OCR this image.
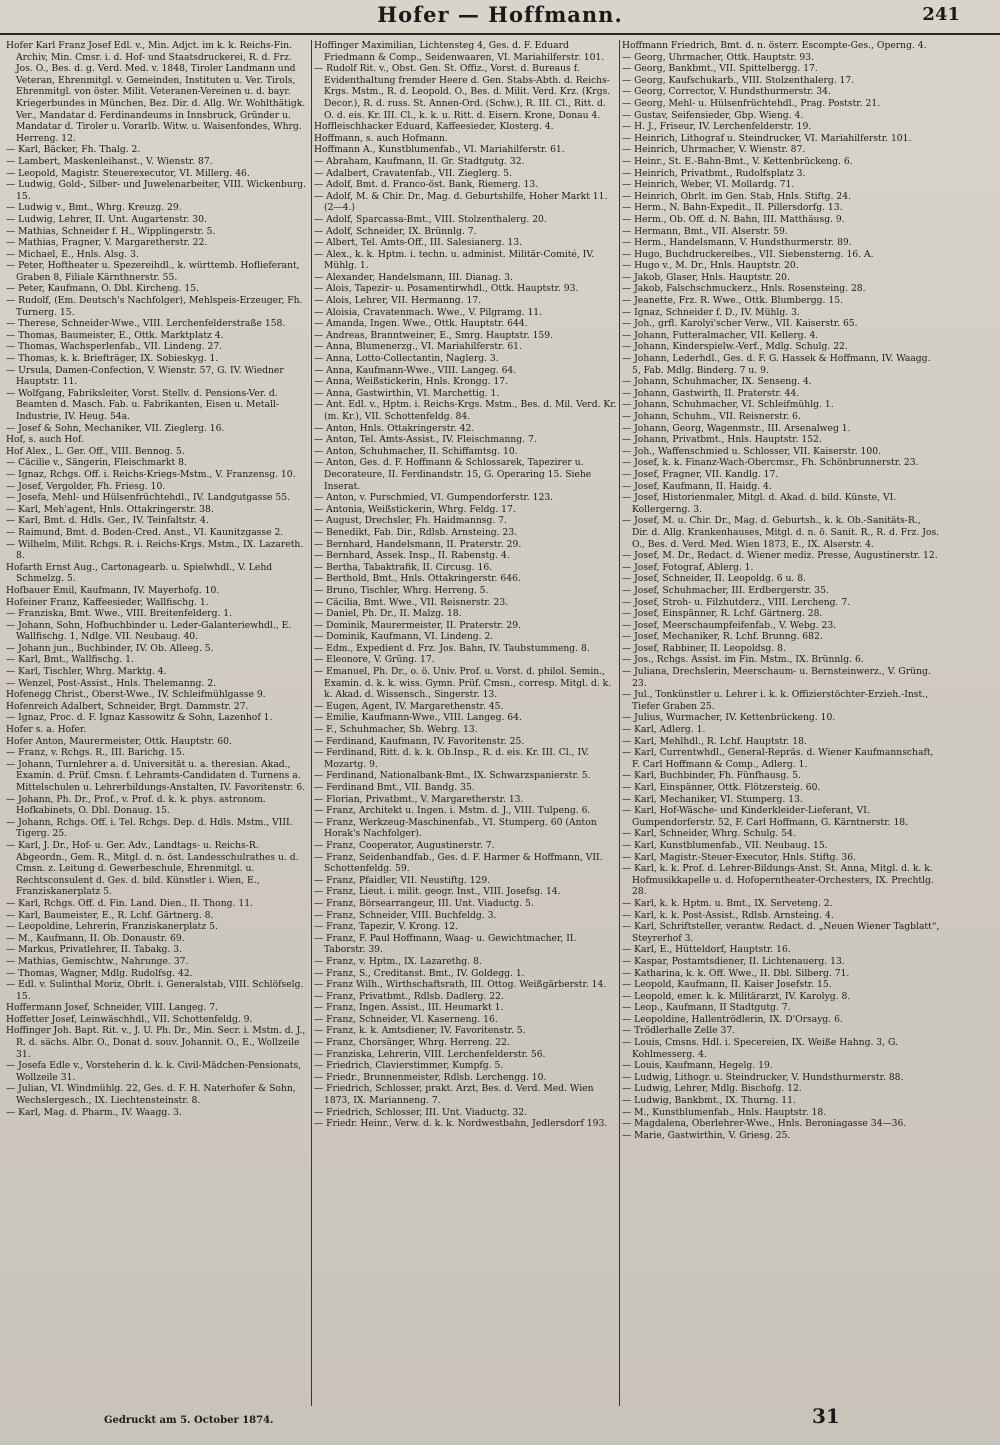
Hofer — Hoffmann.	241
Hofer Karl Franz Josef Edl. v., Min. Adjct. im k. k. Reichs-Fin. Archiv, Min. Cmsr. i. d. Hof- und Staatsdruckerei, R. d. Frz. Jos. O., Bes. d. g. Verd. Med. v. 1848, Tiroler Landmann und Veteran, Ehrenmitgl. v. Gemeinden, Instituten u. Ver. Tirols, Ehrenmitgl. von öster. Milit. Veteranen-Vereinen u. d. bayr. Kriegerbundes in München, Bez. Dir. d. Allg. Wr. Wohlthätigk. Ver., Mandatar d. Ferdinandeums in Innsbruck, Gründer u. Mandatar d. Tiroler u. Vorarlb. Witw. u. Waisenfondes, Whrg. Herreng. 12.
— Karl, Bäcker, Fh. Thalg. 2.
— Lambert, Maskenleihanst., V. Wienstr. 87.
— Leopold, Magistr. Steuerexecutor, VI. Millerg. 46.
— Ludwig, Gold-, Silber- und Juwelenarbeiter, VIII. Wickenburg. 15.
— Ludwig v., Bmt., Whrg. Kreuzg. 29.
— Ludwig, Lehrer, II. Unt. Augartenstr. 30.
— Mathias, Schneider f. H., Wipplingerstr. 5.
— Mathias, Fragner, V. Margaretherstr. 22.
— Michael, E., Hnls. Alsg. 3.
— Peter, Hoftheater u. Spezereihdl., k. württemb. Hoflieferant, Graben 8, Filiale Kärnthnerstr. 55.
— Peter, Kaufmann, O. Dbl. Kircheng. 15.
— Rudolf, (Em. Deutsch's Nachfolger), Mehlspeis-Erzeuger, Fh. Turnerg. 15.
— Therese, Schneider-Wwe., VIII. Lerchenfelderstraße 158.
— Thomas, Baumeister, E., Ottk. Marktplatz 4.
— Thomas, Wachsperlenfab., VII. Lindeng. 27.
— Thomas, k. k. Briefträger, IX. Sobieskyg. 1.
— Ursula, Damen-Confection, V. Wienstr. 57, G. IV. Wiedner Hauptstr. 11.
— Wolfgang, Fabriksleiter, Vorst. Stellv. d. Pensions-Ver. d. Beamten d. Masch. Fab. u. Fabrikanten, Eisen u. Metall-Industrie, IV. Heug. 54a.
— Josef & Sohn, Mechaniker, VII. Zieglerg. 16.
Hof, s. auch Hof.
Hof Alex., L. Ger. Off., VIII. Bennog. 5.
— Cäcilie v., Sängerin, Fleischmarkt 8.
— Ignaz, Rchgs. Off. i. Reichs-Kriegs-Mstm., V. Franzensg. 10.
— Josef, Vergolder, Fh. Friesg. 10.
— Josefa, Mehl- und Hülsenfrüchtehdl., IV. Landgutgasse 55.
— Karl, Meh'agent, Hnls. Ottakringerstr. 38.
— Karl, Bmt. d. Hdls. Ger., IV. Teinfaltstr. 4.
— Raimund, Bmt. d. Boden-Cred. Anst., VI. Kaunitzgasse 2.
— Wilhelm, Milit. Rchgs. R. i. Reichs-Krgs. Mstm., IX. Lazareth. 8.
Hofarth Ernst Aug., Cartonagearb. u. Spielwhdl., V. Lehd Schmelzg. 5.
Hofbauer Emil, Kaufmann, IV. Mayerhofg. 10.
Hofeiner Franz, Kaffeesieder, Wallfischg. 1.
— Franziska, Bmt. Wwe., VIII. Breitenfelderg. 1.
— Johann, Sohn, Hofbuchbinder u. Leder-Galanteriewhdl., E. Wallfischg. 1, Ndlge. VII. Neubaug. 40.
— Johann jun., Buchbinder, IV. Ob. Alleeg. 5.
— Karl, Bmt., Wallfischg. 1.
— Karl, Tischler, Whrg. Marktg. 4.
— Wenzel, Post-Assist., Hnls. Thelemanng. 2.
Hofenegg Christ., Oberst-Wwe., IV. Schleifmühlgasse 9.
Hofenreich Adalbert, Schneider, Brgt. Dammstr. 27.
— Ignaz, Proc. d. F. Ignaz Kassowitz & Sohn, Lazenhof 1.
Hofer s. a. Hofer.
Hofer Anton, Maurermeister, Ottk. Hauptstr. 60.
— Franz, v. Rchgs. R., III. Barichg. 15.
— Johann, Turnlehrer a. d. Universität u. a. theresian. Akad., Examin. d. Prüf. Cmsn. f. Lehramts-Candidaten d. Turnens a. Mittelschulen u. Lehrerbildungs-Anstalten, IV. Favoritenstr. 6.
— Johann, Ph. Dr., Prof., v. Prof. d. k. k. phys. astronom. Hofkabinets, O. Dbl. Donaug. 15.
— Johann, Rchgs. Off. i. Tel. Rchgs. Dep. d. Hdls. Mstm., VIII. Tigerg. 25.
— Karl, J. Dr., Hof- u. Ger. Adv., Landtags- u. Reichs-R. Abgeordn., Gem. R., Mitgl. d. n. öst. Landesschulrathes u. d. Cmsn. z. Leitung d. Gewerbeschule, Ehrenmitgl. u. Rechtsconsulent d. Ges. d. bild. Künstler i. Wien, E., Franziskanerplatz 5.
— Karl, Rchgs. Off. d. Fin. Land. Dien., II. Thong. 11.
— Karl, Baumeister, E., R. Lchf. Gärtnerg. 8.
— Leopoldine, Lehrerin, Franziskanerplatz 5.
— M., Kaufmann, II. Ob. Donaustr. 69.
— Markus, Privatlehrer, II. Tabakg. 3.
— Mathias, Gemischtw., Nahrunge. 37.
— Thomas, Wagner, Mdlg. Rudolfsg. 42.
— Edl. v. Sulinthal Moriz, Obrlt. i. Generalstab, VIII. Schlöfselg. 15.
Hoffermann Josef, Schneider, VIII. Langeg. 7.
Hoffetter Josef, Leinwäschhdl., VII. Schottenfeldg. 9.
Hoffinger Joh. Bapt. Rit. v., J. U. Ph. Dr., Min. Secr. i. Mstm. d. J., R. d. sächs. Albr. O., Donat d. souv. Johannit. O., E., Wollzeile 31.
— Josefa Edle v., Vorsteherin d. k. k. Civil-Mädchen-Pensionats, Wollzeile 31.
— Julian, VI. Windmühlg. 22, Ges. d. F. H. Naterhofer & Sohn, Wechslergesch., IX. Liechtensteinstr. 8.
— Karl, Mag. d. Pharm., IV. Waagg. 3.
Hoffinger Maximilian, Lichtensteg 4, Ges. d. F. Eduard Friedmann & Comp., Seidenwaaren, VI. Mariahilferstr. 101.
— Rudolf Rit. v., Obst. Gen. St. Offiz., Vorst. d. Bureaus f. Evidenthaltung fremder Heere d. Gen. Stabs-Abth. d. Reichs-Krgs. Mstm., R. d. Leopold. O., Bes. d. Milit. Verd. Krz. (Krgs. Decor.), R. d. russ. St. Annen-Ord. (Schw.), R. III. Cl., Ritt. d. O. d. eis. Kr. III. Cl., k. k. u. Ritt. d. Eisern. Krone, Donau 4.
Hoffleischhacker Eduard, Kaffeesieder, Klosterg. 4.
Hoffmann, s. auch Hofmann.
Hoffmann A., Kunstblumenfab., VI. Mariahilferstr. 61.
— Abraham, Kaufmann, II. Gr. Stadtgutg. 32.
— Adalbert, Cravatenfab., VII. Zieglerg. 5.
— Adolf, Bmt. d. Franco-öst. Bank, Riemerg. 13.
— Adolf, M. & Chir. Dr., Mag. d. Geburtshilfe, Hoher Markt 11. (2—4.)
— Adolf, Sparcassa-Bmt., VIII. Stolzenthalerg. 20.
— Adolf, Schneider, IX. Brünnlg. 7.
— Albert, Tel. Amts-Off., III. Salesianerg. 13.
— Alex., k. k. Hptm. i. techn. u. administ. Militär-Comité, IV. Mühlg. 1.
— Alexander, Handelsmann, III. Dianag. 3.
— Alois, Tapezir- u. Posamentirwhdl., Ottk. Hauptstr. 93.
— Alois, Lehrer, VII. Hermanng. 17.
— Aloisia, Cravatenmach. Wwe., V. Pilgramg. 11.
— Amanda, Ingen. Wwe., Ottk. Hauptstr. 644.
— Andreas, Branntweiner, E., Smrg. Hauptstr. 159.
— Anna, Blumenerzg., VI. Mariahilferstr. 61.
— Anna, Lotto-Collectantin, Naglerg. 3.
— Anna, Kaufmann-Wwe., VIII. Langeg. 64.
— Anna, Weißstickerin, Hnls. Krongg. 17.
— Anna, Gastwirthin, VI. Marchettig. 1.
— Ant. Edl. v., Hptm. i. Reichs-Krgs. Mstm., Bes. d. Mil. Verd. Kr. (m. Kr.), VII. Schottenfeldg. 84.
— Anton, Hnls. Ottakringerstr. 42.
— Anton, Tel. Amts-Assist., IV. Fleischmanng. 7.
— Anton, Schuhmacher, II. Schiffamtsg. 10.
— Anton, Ges. d. F. Hoffmann & Schlossarek, Tapezirer u. Decorateure, II. Ferdinandstr. 15, G. Operaring 15. Siehe Inserat.
— Anton, v. Purschmied, VI. Gumpendorferstr. 123.
— Antonia, Weißstickerin, Whrg. Feldg. 17.
— August, Drechsler, Fh. Haidmannsg. 7.
— Benedikt, Fab. Dir., Rdlsb. Arnsteing. 23.
— Bernhard, Handelsmann, II. Praterstr. 29.
— Bernhard, Assek. Insp., II. Rabenstg. 4.
— Bertha, Tabaktrafik, II. Circusg. 16.
— Berthold, Bmt., Hnls. Ottakringerstr. 646.
— Bruno, Tischler, Whrg. Herreng. 5.
— Cäcilia, Bmt. Wwe., VII. Reisnerstr. 23.
— Daniel, Ph. Dr., II. Malzg. 18.
— Dominik, Maurermeister, II. Praterstr. 29.
— Dominik, Kaufmann, VI. Lindeng. 2.
— Edm., Expedient d. Frz. Jos. Bahn, IV. Taubstummeng. 8.
— Eleonore, V. Grüng. 17.
— Emanuel, Ph. Dr., o. ö. Univ. Prof. u. Vorst. d. philol. Semin., Examin. d. k. k. wiss. Gymn. Prüf. Cmsn., corresp. Mitgl. d. k. k. Akad. d. Wissensch., Singerstr. 13.
— Eugen, Agent, IV. Margarethenstr. 45.
— Emilie, Kaufmann-Wwe., VIII. Langeg. 64.
— F., Schuhmacher, Sb. Webrg. 13.
— Ferdinand, Kaufmann, IV. Favoritenstr. 25.
— Ferdinand, Ritt. d. k. k. Ob.Insp., R. d. eis. Kr. III. Cl., IV. Mozartg. 9.
— Ferdinand, Nationalbank-Bmt., IX. Schwarzspanierstr. 5.
— Ferdinand Bmt., VII. Bandg. 35.
— Florian, Privatbmt., V. Margaretherstr. 13.
— Franz, Architekt u. Ingen. i. Mstm. d. J., VIII. Tulpeng. 6.
— Franz, Werkzeug-Maschinenfab., VI. Stumperg. 60 (Anton Horak's Nachfolger).
— Franz, Cooperator, Augustinerstr. 7.
— Franz, Seidenbandfab., Ges. d. F. Harmer & Hoffmann, VII. Schottenfeldg. 59.
— Franz, Pfaidler, VII. Neustiftg. 129.
— Franz, Lieut. i. milit. geogr. Inst., VIII. Josefsg. 14.
— Franz, Börsearrangeur, III. Unt. Viaductg. 5.
— Franz, Schneider, VIII. Buchfeldg. 3.
— Franz, Tapezir, V. Krong. 12.
— Franz, F. Paul Hoffmann, Waag- u. Gewichtmacher, II. Taborstr. 39.
— Franz, v. Hptm., IX. Lazarethg. 8.
— Franz, S., Creditanst. Bmt., IV. Goldegg. 1.
— Franz Wilh., Wirthschaftsrath, III. Ottog. Weißgärberstr. 14.
— Franz, Privatbmt., Rdlsb. Dadlerg. 22.
— Franz, Ingen. Assist., III. Heumarkt 1.
— Franz, Schneider, VI. Kaserneng. 16.
— Franz, k. k. Amtsdiener, IV. Favoritenstr. 5.
— Franz, Chorsänger, Whrg. Herreng. 22.
— Franziska, Lehrerin, VIII. Lerchenfelderstr. 56.
— Friedrich, Clavierstimmer, Kumpfg. 5.
— Friedr., Brunnenmeister, Rdlsb. Lerchengg. 10.
— Friedrich, Schlosser, prakt. Arzt, Bes. d. Verd. Med. Wien 1873, IX. Marianneng. 7.
— Friedrich, Schlosser, III. Unt. Viaductg. 32.
— Friedr. Heinr., Verw. d. k. k. Nordwestbahn, Jedlersdorf 193.
Hoffmann Friedrich, Bmt. d. n. österr. Escompte-Ges., Operng. 4.
— Georg, Uhrmacher, Ottk. Hauptstr. 93.
— Georg, Bankbmt., VII. Spittelbergg. 17.
— Georg, Kaufschukarb., VIII. Stolzenthalerg. 17.
— Georg, Corrector, V. Hundsthurmerstr. 34.
— Georg, Mehl- u. Hülsenfrüchtehdl., Prag. Poststr. 21.
— Gustav, Seifensieder, Gbp. Wieng. 4.
— H. J., Friseur, IV. Lerchenfelderstr. 19.
— Heinrich, Lithograf u. Steindrucker, VI. Mariahilferstr. 101.
— Heinrich, Uhrmacher, V. Wienstr. 87.
— Heinr., St. E.-Bahn-Bmt., V. Kettenbrückeng. 6.
— Heinrich, Privatbmt., Rudolfsplatz 3.
— Heinrich, Weber, VI. Mollardg. 71.
— Heinrich, Obrlt. im Gen. Stab, Hnls. Stiftg. 24.
— Herm., N. Bahn-Expedit., II. Pillersdorfg. 13.
— Herm., Ob. Off. d. N. Bahn, III. Matthäusg. 9.
— Hermann, Bmt., VII. Alserstr. 59.
— Herm., Handelsmann, V. Hundsthurmerstr. 89.
— Hugo, Buchdruckereibes., VII. Siebensterng. 16. A.
— Hugo v., M. Dr., Hnls. Hauptstr. 20.
— Jakob, Glaser, Hnls. Hauptstr. 20.
— Jakob, Falschschmuckerz., Hnls. Rosensteing. 28.
— Jeanette, Frz. R. Wwe., Ottk. Blumbergg. 15.
— Ignaz, Schneider f. D., IV. Mühlg. 3.
— Joh., grfl. Karolyi'scher Verw., VII. Kaiserstr. 65.
— Johann, Futteralmacher, VII. Kellerg. 4.
— Johann, Kinderspielw.-Verf., Mdlg. Schulg. 22.
— Johann, Lederhdl., Ges. d. F. G. Hassek & Hoffmann, IV. Waagg. 5, Fab. Mdlg. Binderg. 7 u. 9.
— Johann, Schuhmacher, IX. Senseng. 4.
— Johann, Gastwirth, II. Praterstr. 44.
— Johann, Schuhmacher, VI. Schleifmühlg. 1.
— Johann, Schuhm., VII. Reisnerstr. 6.
— Johann, Georg, Wagenmstr., III. Arsenalweg 1.
— Johann, Privatbmt., Hnls. Hauptstr. 152.
— Joh., Waffenschmied u. Schlosser, VII. Kaiserstr. 100.
— Josef, k. k. Finanz-Wach-Obercmsr., Fh. Schönbrunnerstr. 23.
— Josef, Fragner, VII. Kandlg. 17.
— Josef, Kaufmann, II. Haidg. 4.
— Josef, Historienmaler, Mitgl. d. Akad. d. bild. Künste, VI. Kollergerng. 3.
— Josef, M. u. Chir. Dr., Mag. d. Geburtsh., k. k. Ob.-Sanitäts-R., Dir. d. Allg. Krankenhauses, Mitgl. d. n. ö. Sanit. R., R. d. Frz. Jos. O., Bes. d. Verd. Med. Wien 1873, E., IX. Alserstr. 4.
— Josef, M. Dr., Redact. d. Wiener mediz. Presse, Augustinerstr. 12.
— Josef, Fotograf, Ablerg. 1.
— Josef, Schneider, II. Leopoldg. 6 u. 8.
— Josef, Schuhmacher, III. Erdbergerstr. 35.
— Josef, Stroh- u. Filzhutderz., VIII. Lercheng. 7.
— Josef, Einspänner, R. Lchf. Gärtnerg. 28.
— Josef, Meerschaumpfeifenfab., V. Webg. 23.
— Josef, Mechaniker, R. Lchf. Brunng. 682.
— Josef, Rabbiner, II. Leopoldsg. 8.
— Jos., Rchgs. Assist. im Fin. Mstm., IX. Brünnlg. 6.
— Juliana, Drechslerin, Meerschaum- u. Bernsteinwerz., V. Grüng. 23.
— Jul., Tonkünstler u. Lehrer i. k. k. Offizierstöchter-Erzieh.-Inst., Tiefer Graben 25.
— Julius, Wurmacher, IV. Kettenbrückeng. 10.
— Karl, Adlerg. 1.
— Karl, Mehlhdl., R. Lchf. Hauptstr. 18.
— Karl, Currentwhdl., General-Repräs. d. Wiener Kaufmannschaft, F. Carl Hoffmann & Comp., Adlerg. 1.
— Karl, Buchbinder, Fh. Fünfhausg. 5.
— Karl, Einspänner, Ottk. Flötzersteig. 60.
— Karl, Mechaniker, VI. Stumperg. 13.
— Karl, Hof-Wäsche- und Kinderkleider-Lieferant, VI. Gumpendorferstr. 52, F. Carl Hoffmann, G. Kärntnerstr. 18.
— Karl, Schneider, Whrg. Schulg. 54.
— Karl, Kunstblumenfab., VII. Neubaug. 15.
— Karl, Magistr.-Steuer-Executor, Hnls. Stiftg. 36.
— Karl, k. k. Prof. d. Lehrer-Bildungs-Anst. St. Anna, Mitgl. d. k. k. Hofmusikkapelle u. d. Hofoperntheater-Orchesters, IX. Prechtlg. 28.
— Karl, k. k. Hptm. u. Bmt., IX. Serveteng. 2.
— Karl, k. k. Post-Assist., Rdlsb. Arnsteing. 4.
— Karl, Schriftsteller, verantw. Redact. d. „Neuen Wiener Tagblatt“, Steyrerhof 3.
— Karl, E., Hütteldorf, Hauptstr. 16.
— Kaspar, Postamtsdiener, II. Lichtenauerg. 13.
— Katharina, k. k. Off. Wwe., II. Dbl. Silberg. 71.
— Leopold, Kaufmann, II. Kaiser Josefstr. 15.
— Leopold, emer. k. k. Militärarzt, IV. Karolyg. 8.
— Leop., Kaufmann, II Stadtgutg. 7.
— Leopoldine, Hallentrödlerin, IX. D'Orsayg. 6.
— Trödlerhalle Zelle 37.
— Louis, Cmsns. Hdl. i. Specereien, IX. Weiße Hahng. 3, G. Kohlmesserg. 4.
— Louis, Kaufmann, Hegelg. 19.
— Ludwig, Lithogr. u. Steindrucker, V. Hundsthurmerstr. 88.
— Ludwig, Lehrer, Mdlg. Bischofg. 12.
— Ludwig, Bankbmt., IX. Thurng. 11.
— M., Kunstblumenfab., Hnls. Hauptstr. 18.
— Magdalena, Oberlehrer-Wwe., Hnls. Beroniagasse 34—36.
— Marie, Gastwirthin, V. Griesg. 25.
Gedruckt am 5. October 1874.	31
